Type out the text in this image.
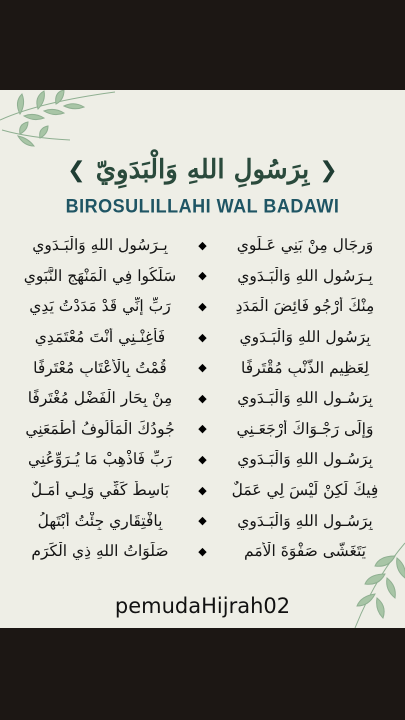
❮ بِرَسُولِ اللهِ وَالْبَدَوِيّ ❯
BIROSULILLAHI WAL BADAWI
بِـرَسُولِ اللهِ وَالْبَـدَوِي	◆	وَرِجَالٍ مِنْ بَنِي عَـلَوِي
سَلَكُوا فِي الْمَنْهَجِ النَّبَوِي	◆	بِـرَسُولِ اللهِ وَالْبَـدَوِي
رَبِّ إِنِّي قَدْ مَدَدْتُ يَدِي	◆	مِنْكَ أَرْجُو فَائِضَ الْمَدَدِ
فَأَغِنْـنِي أَنْتَ مُعْتَمَدِي	◆	بِرَسُولِ اللهِ وَالْبَـدَوِي
قُمْتُ بِالْأَعْتَابِ مُعْتَرِفًا	◆	لِعَظِيمِ الذَّنْبِ مُقْتَرِفًا
مِنْ بِحَارِ الْفَضْلِ مُغْتَرِفًا	◆	بِرَسُـولِ اللهِ وَالْبَـدَوِي
جُودُكَ الْمَأْلُوفُ أَطْمَعَنِي	◆	وَإِلَى رَجْـوَاكَ أَرْجَعَـنِي
رَبِّ فَاذْهِبْ مَا يُـرَوِّعُنِي	◆	بِرَسُـولِ اللهِ وَالْبَـدَوِي
بَاسِطٌ كَفِّي وَلِـي أَمَـلٌ	◆	فِيكَ لَكِنْ لَيْسَ لِي عَمَلٌ
بِافْتِقَارِي جِئْتُ أَبْتَهِلُ	◆	بِرَسُـولِ اللهِ وَالْبَـدَوِي
صَلَوَاتُ اللهِ ذِي الْكَرَمِ	◆	يَتَغَشَّى صَفْوَةَ الْأُمَمِ
pemudaHijrah02
